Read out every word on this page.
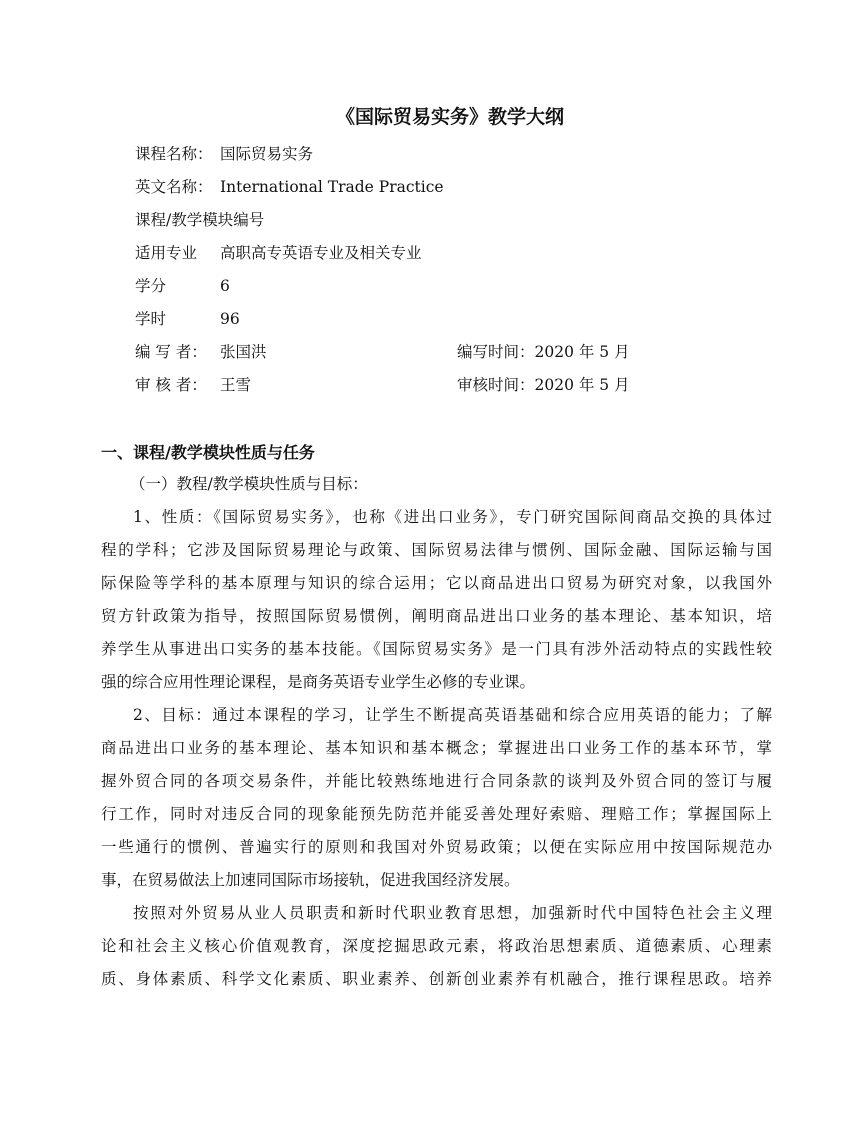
《国际贸易实务》教学大纲
课程名称： 国际贸易实务
英文名称： International Trade Practice
课程/教学模块编号
适用专业 高职高专英语专业及相关专业
学分	6
学时	96
编 写 者： 张国洪	编写时间：2020 年 5 月
审 核 者： 王雪	审核时间：2020 年 5 月
一、课程/教学模块性质与任务
（一）教程/教学模块性质与目标：
1、性质：《国际贸易实务》，也称《进出口业务》，专门研究国际间商品交换的具体过
程的学科；它涉及国际贸易理论与政策、国际贸易法律与惯例、国际金融、国际运输与国
际保险等学科的基本原理与知识的综合运用；它以商品进出口贸易为研究对象，以我国外
贸方针政策为指导，按照国际贸易惯例，阐明商品进出口业务的基本理论、基本知识，培
养学生从事进出口实务的基本技能。《国际贸易实务》是一门具有涉外活动特点的实践性较
强的综合应用性理论课程，是商务英语专业学生必修的专业课。
2、目标：通过本课程的学习，让学生不断提高英语基础和综合应用英语的能力；了解
商品进出口业务的基本理论、基本知识和基本概念；掌握进出口业务工作的基本环节，掌
握外贸合同的各项交易条件，并能比较熟练地进行合同条款的谈判及外贸合同的签订与履
行工作，同时对违反合同的现象能预先防范并能妥善处理好索赔、理赔工作；掌握国际上
一些通行的惯例、普遍实行的原则和我国对外贸易政策；以便在实际应用中按国际规范办
事，在贸易做法上加速同国际市场接轨，促进我国经济发展。
按照对外贸易从业人员职责和新时代职业教育思想，加强新时代中国特色社会主义理
论和社会主义核心价值观教育，深度挖掘思政元素，将政治思想素质、道德素质、心理素
质、身体素质、科学文化素质、职业素养、创新创业素养有机融合，推行课程思政。培养
